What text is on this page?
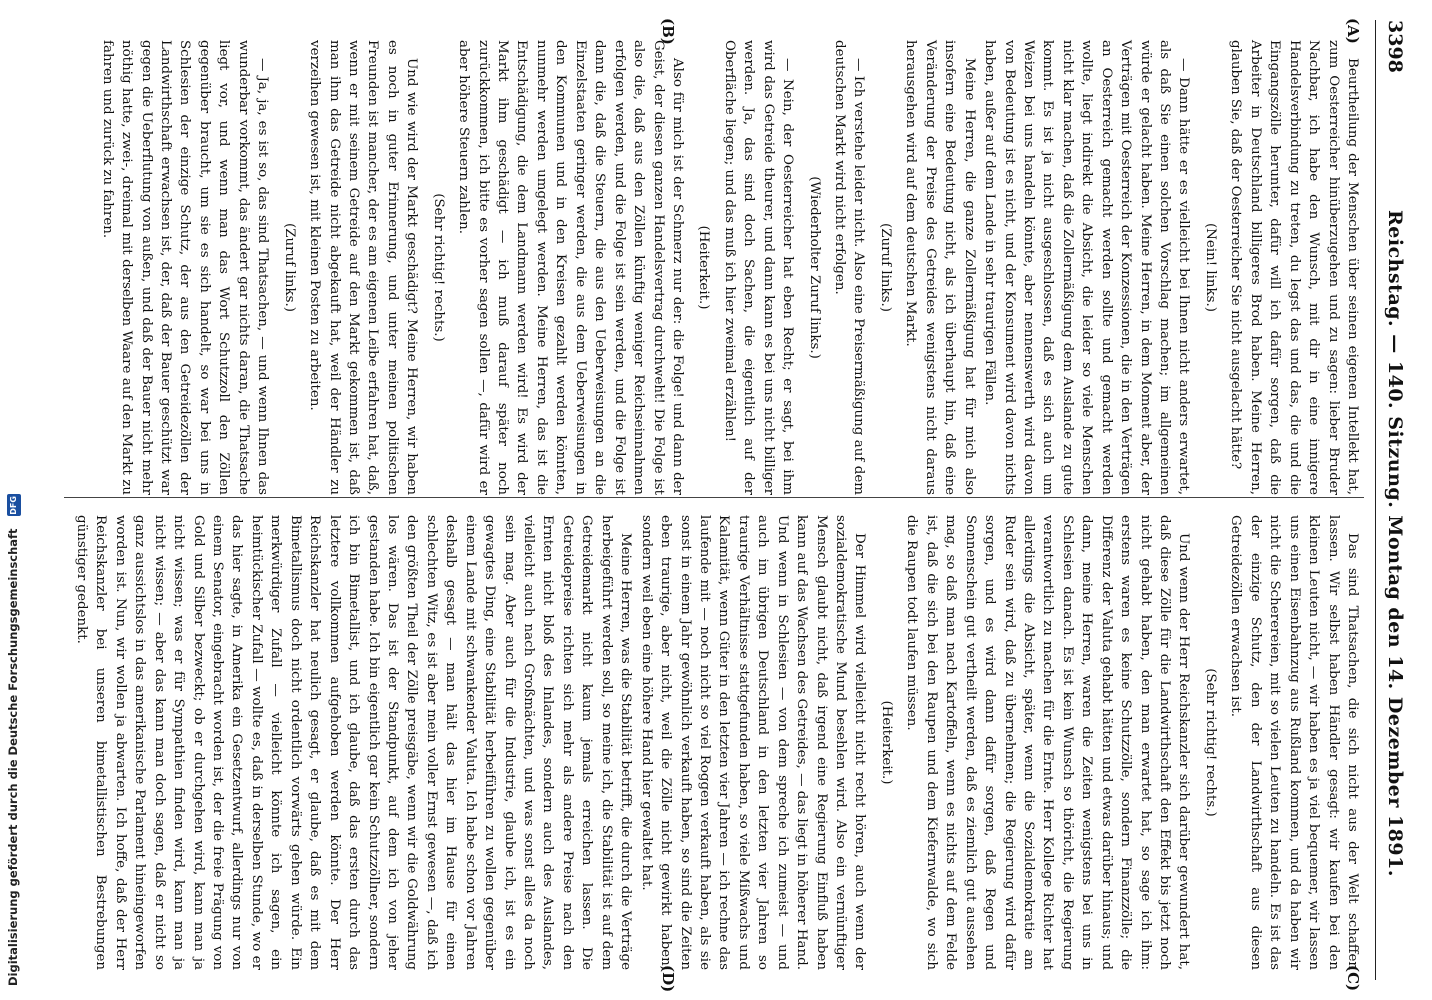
Digitalisierung gefördert durch die Deutsche Forschungsgemeinschaft DFG
3398
Reichstag. — 140. Sitzung. Montag den 14. Dezember 1891.
(A)
(B)
(C)
(D)

Beurtheilung der Menschen über seinen eigenen Intellekt hat, zum Oesterreicher hinüberzugehen und zu sagen: lieber Bruder Nachbar, ich habe den Wunsch, mit dir in eine innigere Handelsverbindung zu treten, du legst das und das, die und die Eingangszölle herunter, dafür will ich dafür sorgen, daß die Arbeiter in Deutschland billigeres Brod haben. Meine Herren, glauben Sie, daß der Oesterreicher Sie nicht ausgelacht hätte?

(Nein! links.)

— Dann hätte er es vielleicht bei Ihnen nicht anders erwartet, als daß Sie einen solchen Vorschlag machen; im allgemeinen würde er gelacht haben. Meine Herren, in dem Moment aber, der Verträgen mit Oesterreich der Konzessionen, die in den Verträgen an Oesterreich gemacht werden sollte und gemacht werden wollte, liegt indirekt die Absicht, die leider so viele Menschen nicht klar machen, daß die Zollermäßigung dem Auslande zu gute kommt. Es ist ja nicht ausgeschlossen, daß es sich auch um Weizen bei uns handeln könnte, aber nennenswerth wird davon von Bedeutung ist es nicht, und der Konsument wird davon nichts haben, außer auf dem Lande in sehr traurigen Fällen.

Meine Herren, die ganze Zollermäßigung hat für mich also insofern eine Bedeutung nicht, als ich überhaupt hin, daß eine Veränderung der Preise des Getreides wenigstens nicht daraus herausgehen wird auf dem deutschen Markt.

(Zuruf links.)

— Ich verstehe leider nicht. Also eine Preisermäßigung auf dem deutschen Markt wird nicht erfolgen.

(Wiederholter Zuruf links.)

— Nein, der Oesterreicher hat eben Recht; er sagt, bei ihm wird das Getreide theurer, und dann kann es bei uns nicht billiger werden. Ja, das sind doch Sachen, die eigentlich auf der Oberfläche liegen; und das muß ich hier zweimal erzählen!

(Heiterkeit.)

Also für mich ist der Schmerz nur der: die Folge! und dann der Geist, der diesen ganzen Handelsvertrag durchweht! Die Folge ist also die, daß aus den Zöllen künftig weniger Reichseinnahmen erfolgen werden, und die Folge ist sein werden, und die Folge ist dann die, daß die Steuern, die aus den Ueberweisungen an die Einzelstaaten geringer werden, die aus dem Ueberweisungen in den Kommunen und in den Kreisen gezahlt werden könnten, nunmehr werden umgelegt werden. Meine Herren, das ist die Entschädigung, die dem Landmann werden wird! Es wird der Markt ihm geschädigt — ich muß darauf später noch zurückkommen, ich bitte es vorher sagen sollen —, dafür wird er aber höhere Steuern zahlen.

(Sehr richtig! rechts.)

Und wie wird der Markt geschädigt? Meine Herren, wir haben es noch in guter Erinnerung, und unter meinen politischen Freunden ist mancher, der es am eigenen Leibe erfahren hat, daß, wenn er mit seinem Getreide auf den Markt gekommen ist, daß man ihm das Getreide nicht abgekauft hat, weil der Händler zu verzeihen gewesen ist, mit kleinen Posten zu arbeiten.

(Zuruf links.)

— Ja, ja, es ist so, das sind Thatsachen, — und wenn Ihnen das wunderbar vorkommt, das ändert gar nichts daran, die Thatsache liegt vor, und wenn man das Wort Schutzzoll den Zöllen gegenüber braucht, um sie es sich handelt, so war bei uns in Schlesien der einzige Schutz, der aus den Getreidezöllen der Landwirthschaft erwachsen ist, der, daß der Bauer geschützt war gegen die Ueberflutung von außen, und daß der Bauer nicht mehr nöthig hatte, zwei-, dreimal mit derselben Waare auf den Markt zu fahren und zurück zu fahren.

Das sind Thatsachen, die sich nicht aus der Welt schaffen lassen. Wir selbst haben Händler gesagt: wir kaufen bei den kleinen Leuten nicht, — wir haben es ja viel bequemer, wir lassen uns einen Eisenbahnzug aus Rußland kommen, und da haben wir nicht die Scherereien, mit so vielen Leuten zu handeln. Es ist das der einzige Schutz, den der Landwirthschaft aus diesen Getreidezöllen erwachsen ist.

(Sehr richtig! rechts.)

Und wenn der Herr Reichskanzler sich darüber gewundert hat, daß diese Zölle für die Landwirthschaft den Effekt bis jetzt noch nicht gehabt haben, den man erwartet hat, so sage ich ihm: erstens waren es keine Schutzzölle, sondern Finanzzölle; die Differenz der Valuta gehabt hätten und etwas darüber hinaus; und dann, meine Herren, waren die Zeiten wenigstens bei uns in Schlesien danach. Es ist kein Wunsch so thöricht, die Regierung verantwortlich zu machen für die Ernte. Herr Kollege Richter hat allerdings die Absicht, später, wenn die Sozialdemokratie am Ruder sein wird, daß zu übernehmen; die Regierung wird dafür sorgen, und es wird dann dafür sorgen, daß Regen und Sonnenschein gut vertheilt werden, daß es ziemlich gut aussehen mag, so daß man nach Kartoffeln, wenn es nichts auf dem Felde ist, daß die sich bei den Raupen und dem Kiefernwalde, wo sich die Raupen todt laufen müssen.

(Heiterkeit.)

Der Himmel wird vielleicht nicht recht hören, auch wenn der sozialdemokratische Mund besehlen wird. Also ein vernünftiger Mensch glaubt nicht, daß irgend eine Regierung Einfluß haben kann auf das Wachsen des Getreides, — das liegt in höherer Hand. Und wenn in Schlesien — von dem spreche ich zumeist — und auch im übrigen Deutschland in den letzten vier Jahren so traurige Verhältnisse stattgefunden haben, so viele Mißwachs und Kalamität, wenn Güter in den letzten vier Jahren — ich rechne das laufende mit — noch nicht so viel Roggen verkauft haben, als sie sonst in einem Jahr gewöhnlich verkauft haben, so sind die Zeiten eben traurige, aber nicht, weil die Zölle nicht gewirkt haben, sondern weil eben eine höhere Hand hier gewaltet hat.

Meine Herren, was die Stabilität betrifft, die durch die Verträge herbeigeführt werden soll, so meine ich, die Stabilität ist auf dem Getreidemarkt nicht kaum jemals erreichen lassen. Die Getreidepreise richten sich mehr als andere Preise nach den Ernten nicht bloß des Inlandes, sondern auch des Auslandes, vielleicht auch nach Großmächten, und was sonst alles da noch sein mag. Aber auch für die Industrie, glaube ich, ist es ein gewagtes Ding, eine Stabilität herbeiführen zu wollen gegenüber einem Lande mit schwankender Valuta. Ich habe schon vor Jahren deshalb gesagt — man hält das hier im Hause für einen schlechten Witz, es ist aber mein voller Ernst gewesen —, daß ich den größten Theil der Zölle preisgäbe, wenn wir die Goldwährung los wären. Das ist der Standpunkt, auf dem ich von jeher gestanden habe. Ich bin eigentlich gar kein Schutzzöllner, sondern ich bin Bimetallist, und ich glaube, daß das ersten durch das letztere vollkommen aufgehoben werden könnte. Der Herr Reichskanzler hat neulich gesagt, er glaube, daß es mit dem Bimetallismus doch nicht ordentlich vorwärts gehen würde. Ein merkwürdiger Zufall — vielleicht könnte ich sagen, ein heimtückischer Zufall — wollte es, daß in derselben Stunde, wo er das hier sagte, in Amerika ein Gesetzentwurf, allerdings nur von einem Senator, eingebracht worden ist, der die freie Prägung von Gold und Silber bezweckt; ob er durchgehen wird, kann man ja nicht wissen; was er für Sympathien finden wird, kann man ja nicht wissen; — aber das kann man doch sagen, daß er nicht so ganz aussichtslos in das amerikanische Parlament hineingeworfen worden ist. Nun, wir wollen ja abwarten. Ich hoffe, daß der Herr Reichskanzler bei unseren bimetallistischen Bestrebungen günstiger gedenkt.
